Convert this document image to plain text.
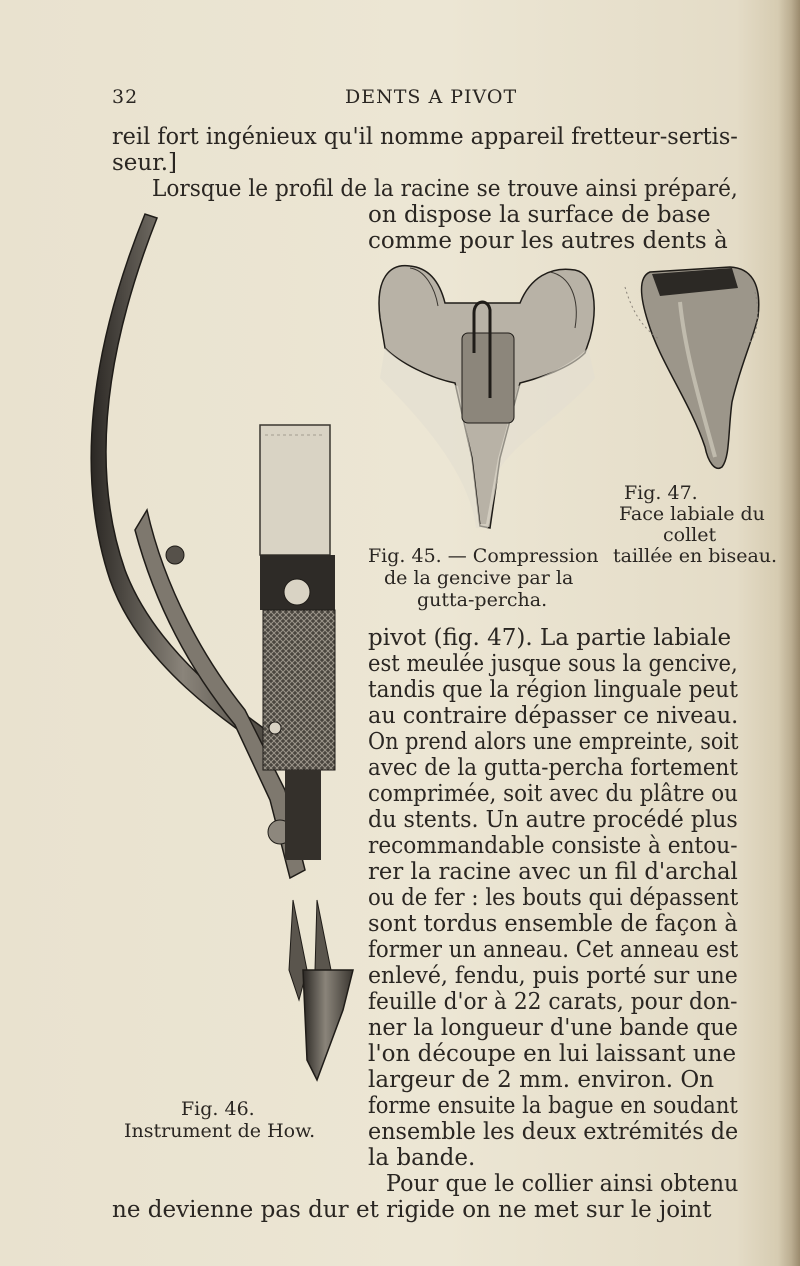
32	DENTS A PIVOT
reil fort ingénieux qu'il nomme appareil fretteur-sertis-
seur.]
Lorsque le profil de la racine se trouve ainsi préparé,
on dispose la surface de base
comme pour les autres dents à
Fig. 47.
Face labiale du
collet
taillée en biseau.
Fig. 45. — Compression
de la gencive par la
gutta-percha.
Fig. 46.
Instrument de How.
pivot (fig. 47). La partie labiale
est meulée jusque sous la gencive,
tandis que la région linguale peut
au contraire dépasser ce niveau.
On prend alors une empreinte, soit
avec de la gutta-percha fortement
comprimée, soit avec du plâtre ou
du stents. Un autre procédé plus
recommandable consiste à entou-
rer la racine avec un fil d'archal
ou de fer : les bouts qui dépassent
sont tordus ensemble de façon à
former un anneau. Cet anneau est
enlevé, fendu, puis porté sur une
feuille d'or à 22 carats, pour don-
ner la longueur d'une bande que
l'on découpe en lui laissant une
largeur de 2 mm. environ. On
forme ensuite la bague en soudant
ensemble les deux extrémités de
la bande.
Pour que le collier ainsi obtenu
ne devienne pas dur et rigide on ne met sur le joint
